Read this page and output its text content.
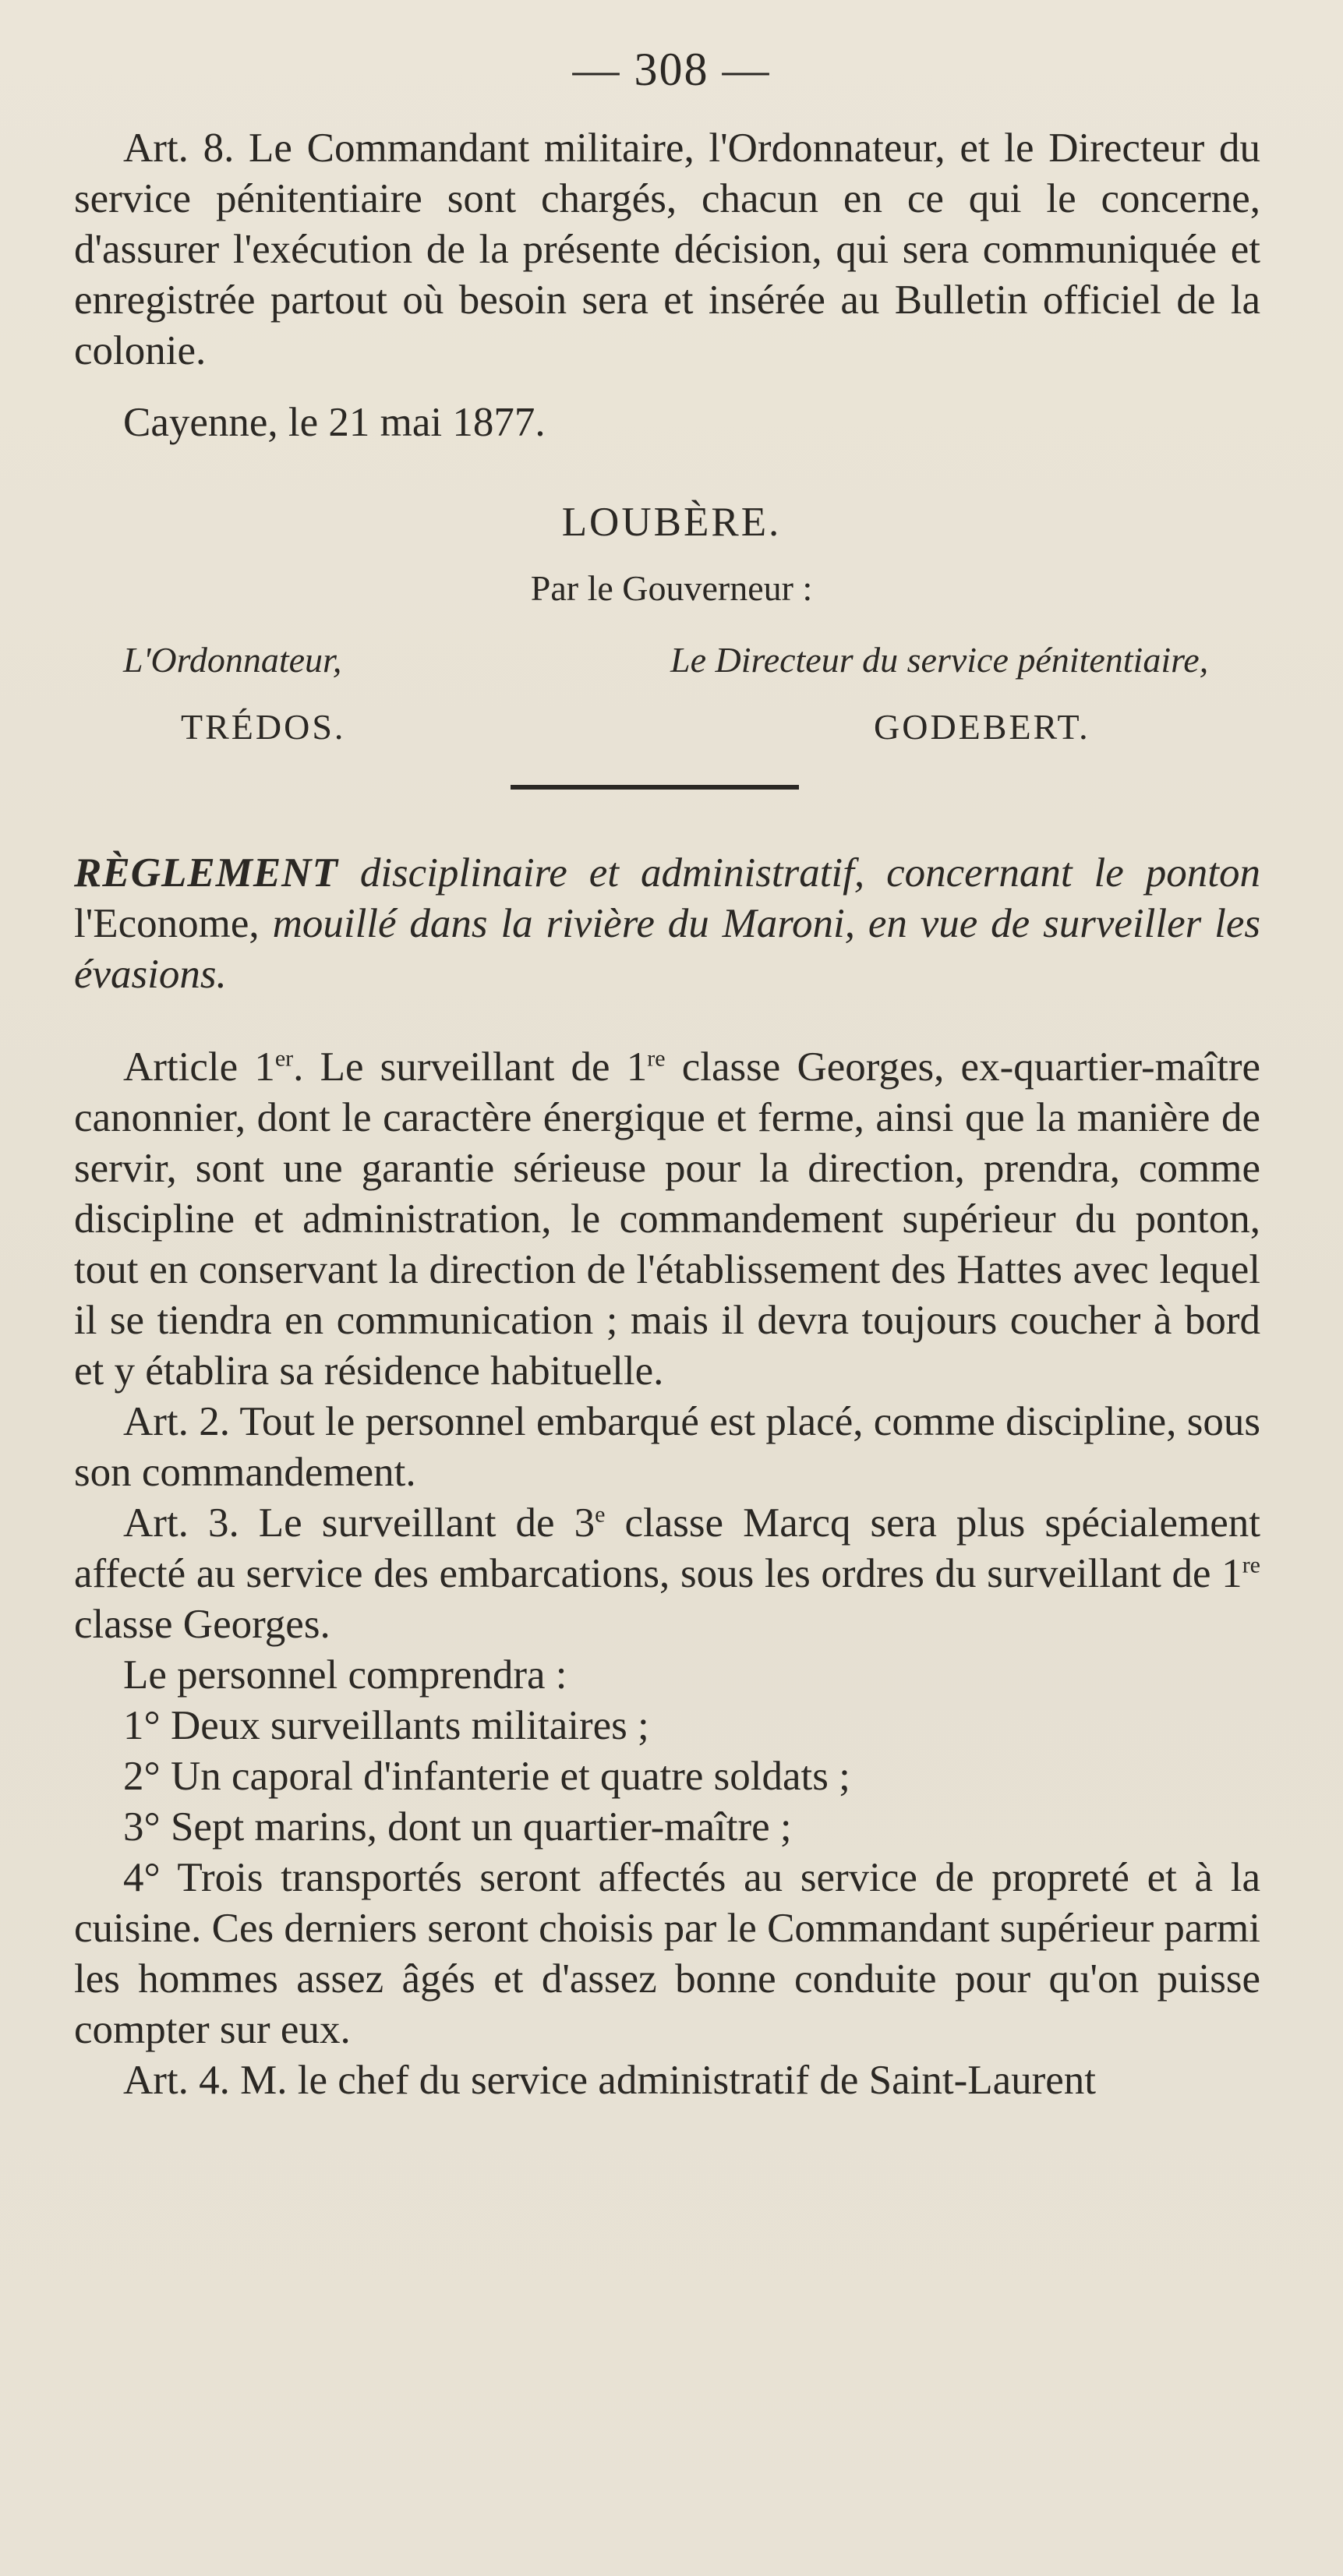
— 308 —

Art. 8. Le Commandant militaire, l'Ordonnateur, et le Directeur du service pénitentiaire sont chargés, chacun en ce qui le concerne, d'assurer l'exécution de la présente décision, qui sera communiquée et enregistrée partout où besoin sera et insérée au Bulletin officiel de la colonie.

Cayenne, le 21 mai 1877.
LOUBÈRE.
Par le Gouverneur :
L'Ordonnateur,	Le Directeur du service pénitentiaire,
TRÉDOS.	GODEBERT.

RÈGLEMENT disciplinaire et administratif, concernant le ponton l'Econome, mouillé dans la rivière du Maroni, en vue de surveiller les évasions.

Article 1er. Le surveillant de 1re classe Georges, ex-quartier-maître canonnier, dont le caractère énergique et ferme, ainsi que la manière de servir, sont une garantie sérieuse pour la direction, prendra, comme discipline et administration, le commandement supérieur du ponton, tout en conservant la direction de l'établissement des Hattes avec lequel il se tiendra en communication ; mais il devra toujours coucher à bord et y établira sa résidence habituelle.

Art. 2. Tout le personnel embarqué est placé, comme discipline, sous son commandement.

Art. 3. Le surveillant de 3e classe Marcq sera plus spécialement affecté au service des embarcations, sous les ordres du surveillant de 1re classe Georges.

Le personnel comprendra :

1° Deux surveillants militaires ;

2° Un caporal d'infanterie et quatre soldats ;

3° Sept marins, dont un quartier-maître ;

4° Trois transportés seront affectés au service de propreté et à la cuisine. Ces derniers seront choisis par le Commandant supérieur parmi les hommes assez âgés et d'assez bonne conduite pour qu'on puisse compter sur eux.

Art. 4. M. le chef du service administratif de Saint-Laurent
